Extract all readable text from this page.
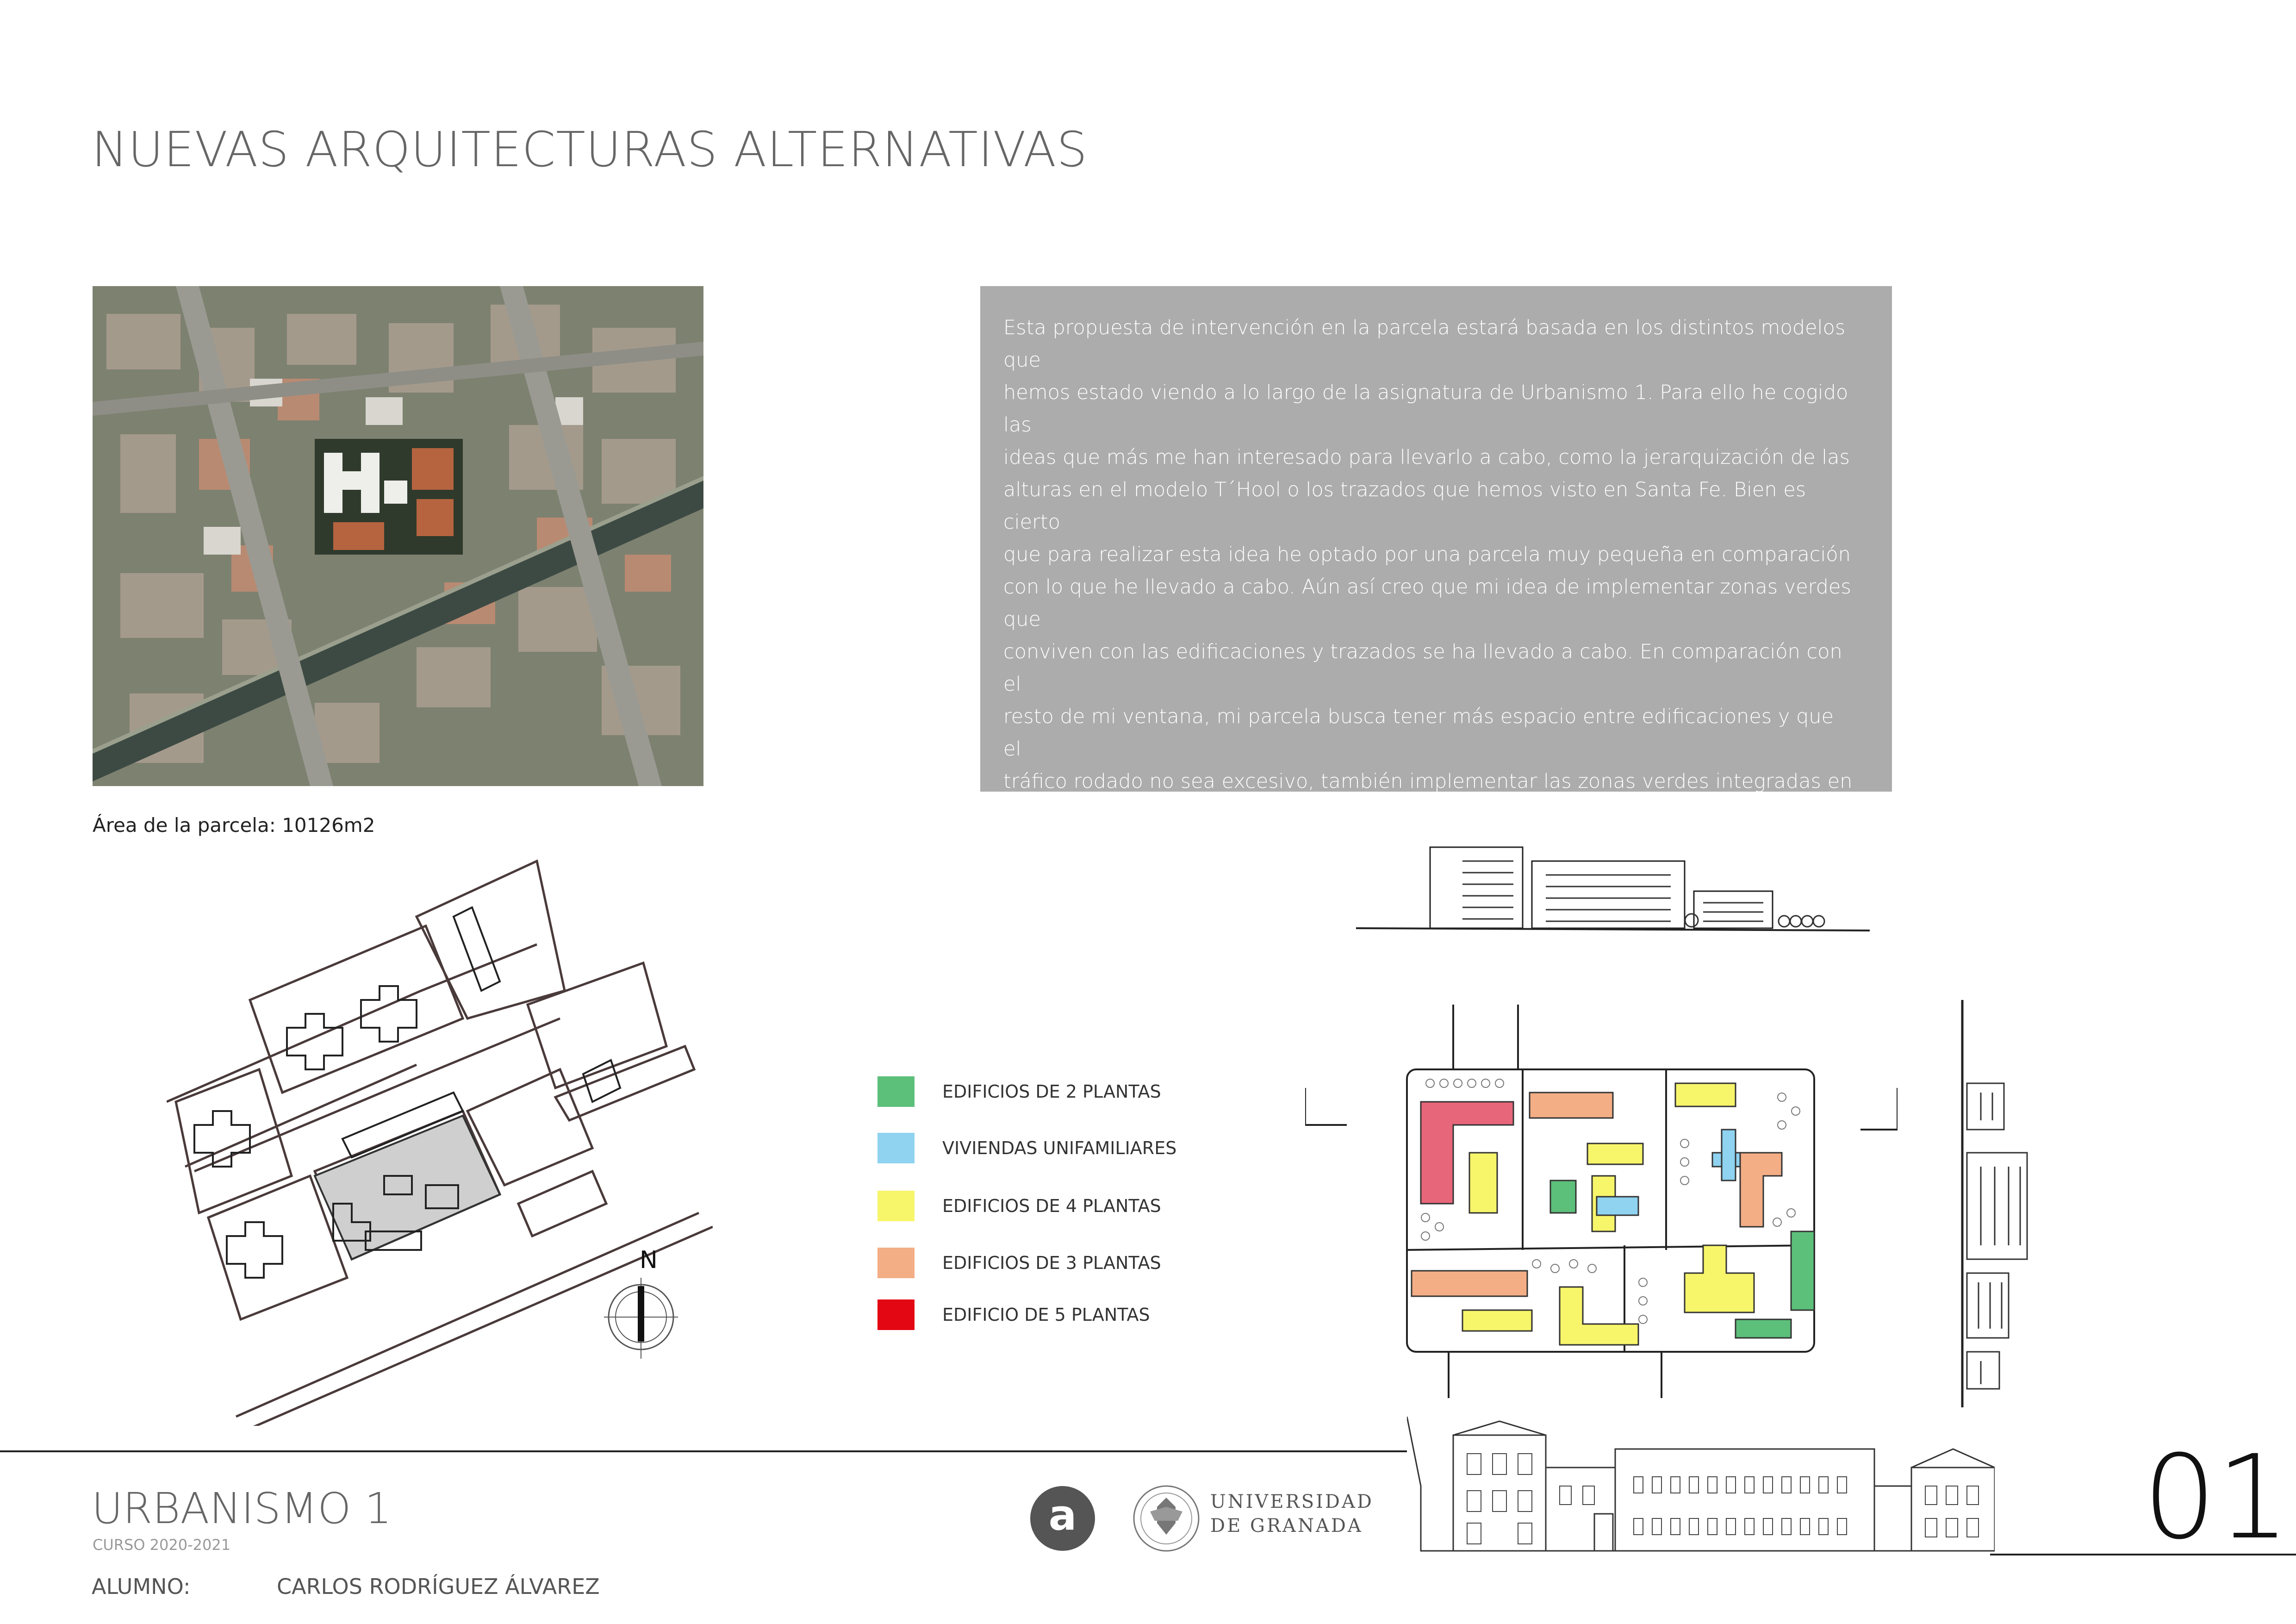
NUEVAS ARQUITECTURAS ALTERNATIVAS

Esta propuesta de intervención en la parcela estará basada en los distintos modelos que

hemos estado viendo a lo largo de la asignatura de Urbanismo 1. Para ello he cogido las

ideas que más me han interesado para llevarlo a cabo, como la jerarquización de las

alturas en el modelo T´Hool o los trazados que hemos visto en Santa Fe. Bien es cierto

que para realizar esta idea he optado por una parcela muy pequeña en comparación

con lo que he llevado a cabo. Aún así creo que mi idea de implementar zonas verdes que

conviven con las edificaciones y trazados se ha llevado a cabo. En comparación con el

resto de mi ventana, mi parcela busca tener más espacio entre edificaciones y que el

tráfico rodado no sea excesivo, también implementar las zonas verdes integradas en la

misma parcela y no crear unicamente parques a los que habría que ir para tener un

contacto más cercano con la naturaleza. de esta manera la naturaleza nace de forma

irregular y no quedando parcelada. Por último, añadir que la mayoria de los edificios de

la parcela serian oficinas, otras zonas comerciales

y viviendas de dos plantas.

Área de la parcela: 10126m2
N
EDIFICIOS DE 2 PLANTAS
VIVIENDAS UNIFAMILIARES
EDIFICIOS DE 4 PLANTAS
EDIFICIOS DE 3 PLANTAS
EDIFICIO DE 5 PLANTAS
URBANISMO 1
CURSO 2020-2021
ALUMNO:	CARLOS RODRÍGUEZ ÁLVAREZ
a	UNIVERSIDAD
DE GRANADA	01
